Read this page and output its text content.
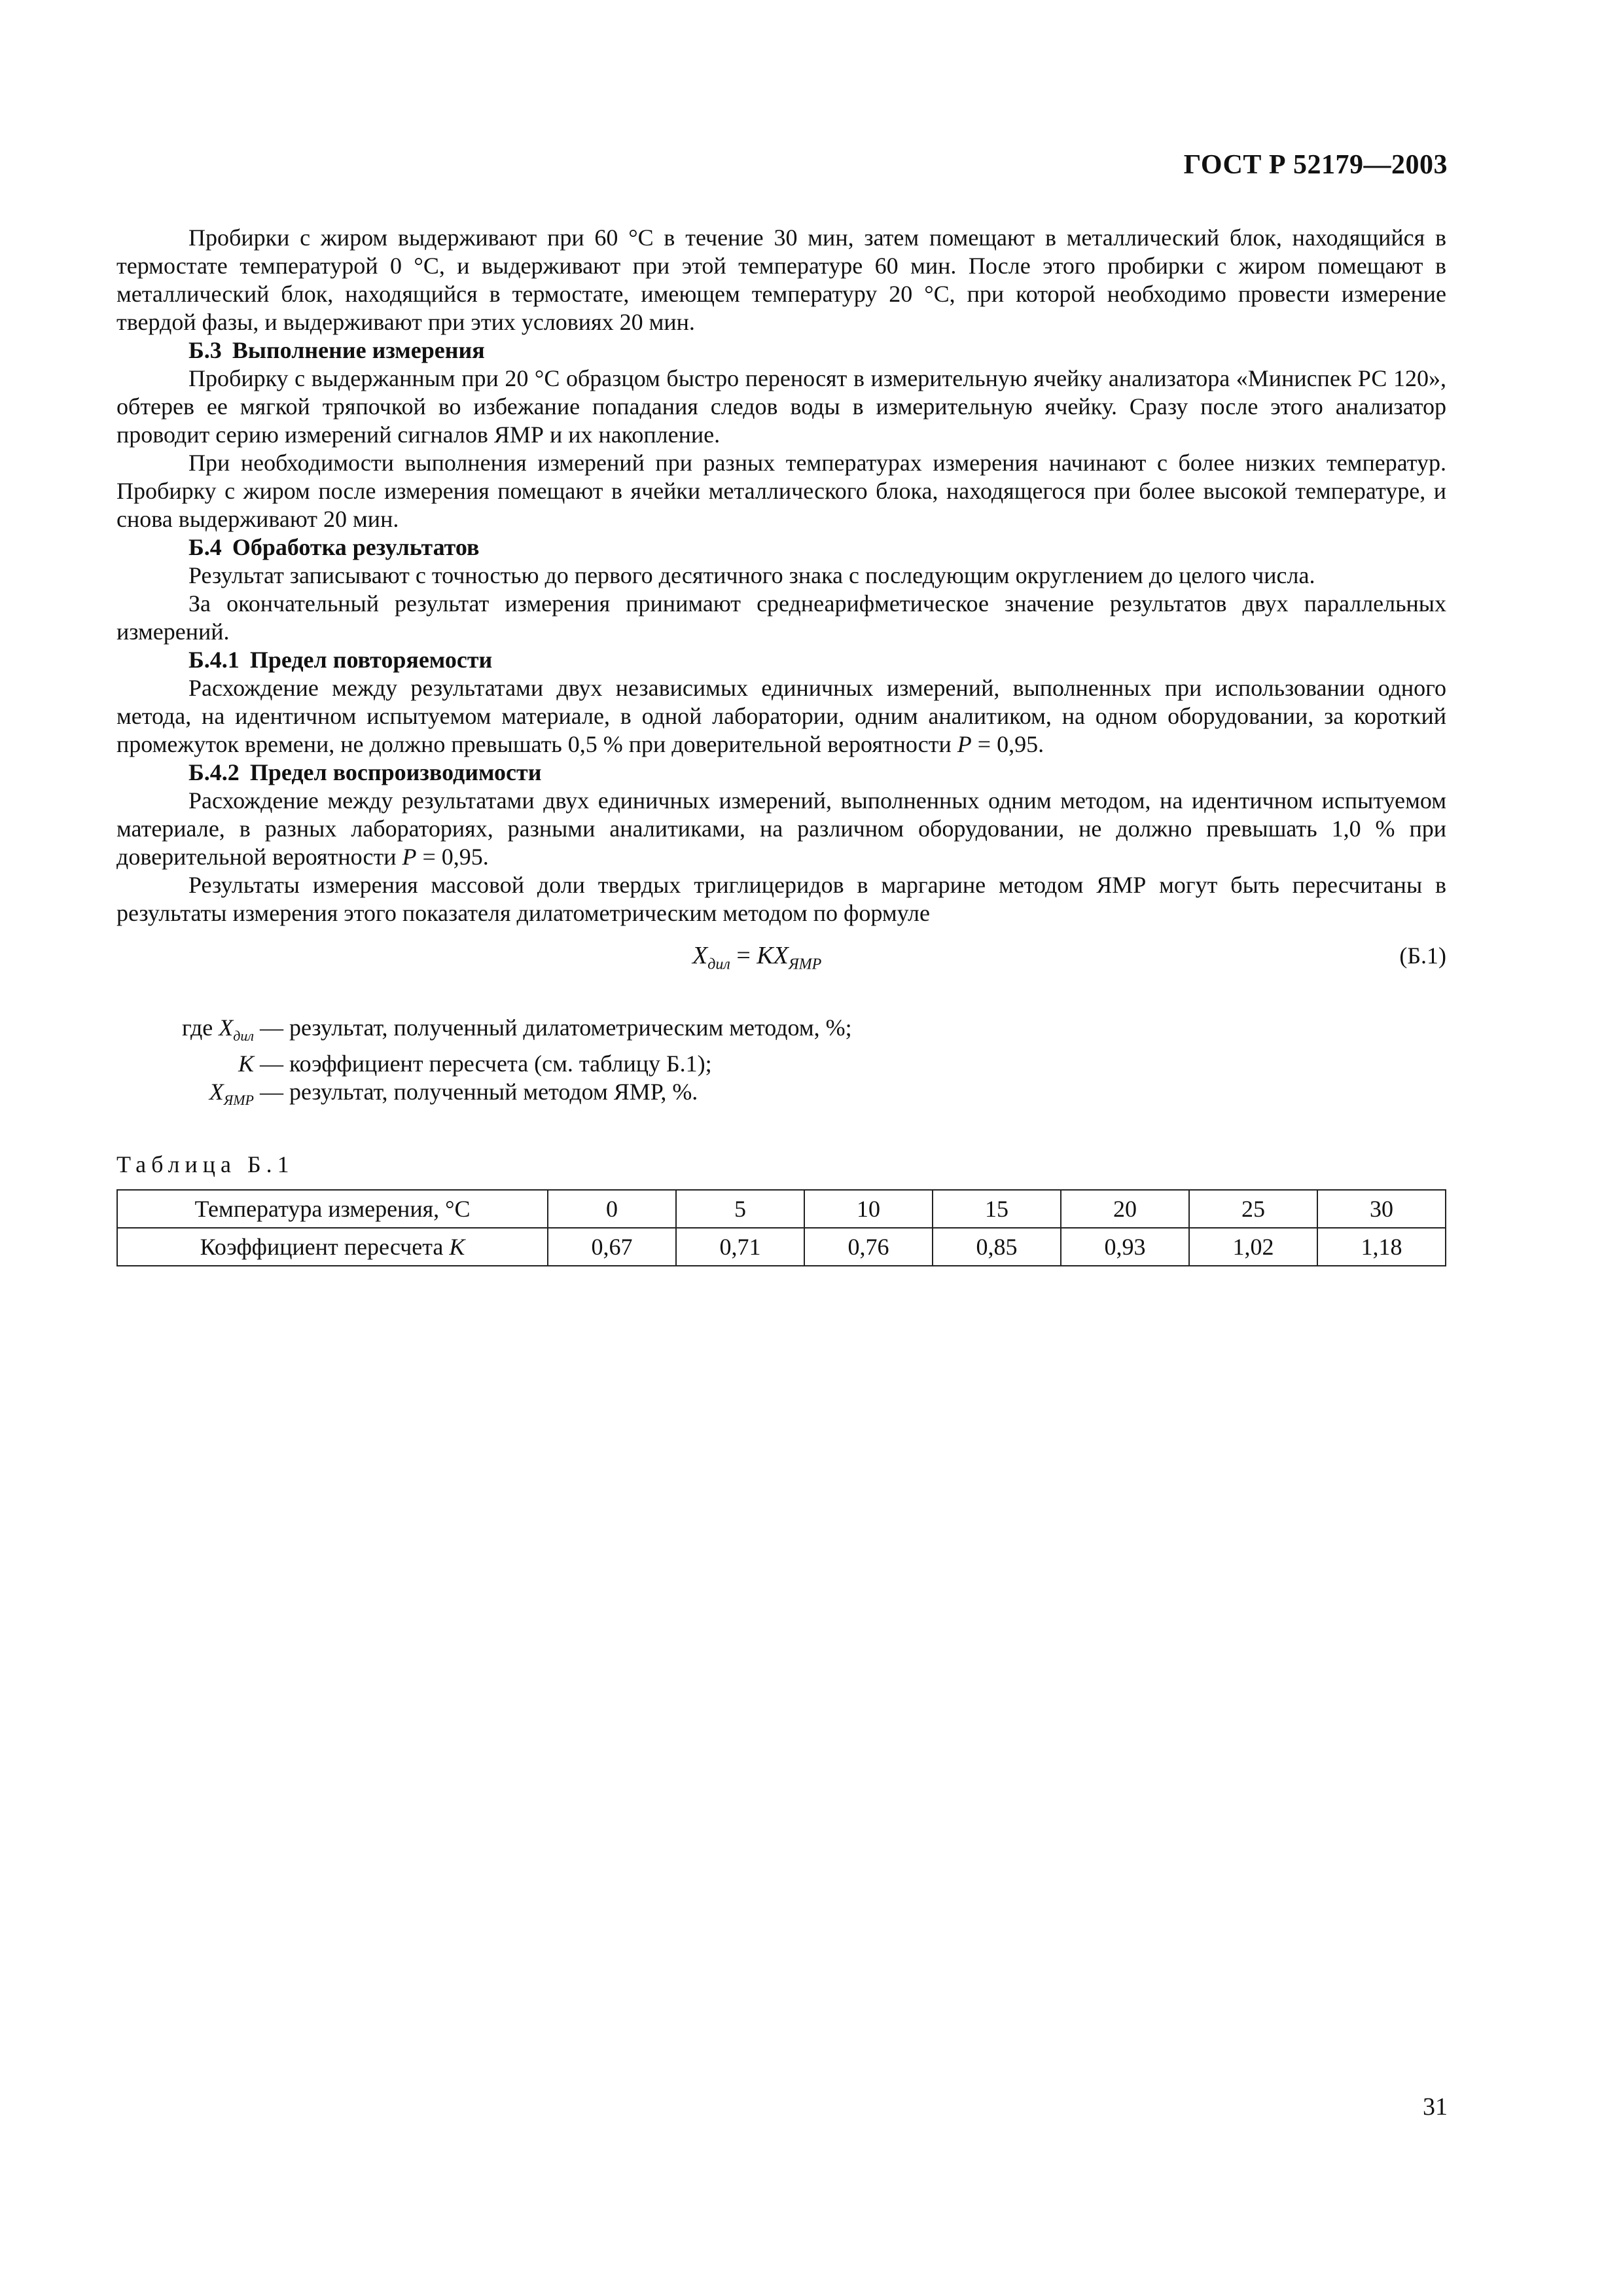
ГОСТ Р 52179—2003

Пробирки с жиром выдерживают при 60 °С в течение 30 мин, затем помещают в металлический блок, находящийся в термостате температурой 0 °С, и выдерживают при этой температуре 60 мин. После этого пробирки с жиром помещают в металлический блок, находящийся в термостате, имеющем температуру 20 °С, при которой необходимо провести измерение твердой фазы, и выдерживают при этих условиях 20 мин.

Б.3 Выполнение измерения

Пробирку с выдержанным при 20 °С образцом быстро переносят в измерительную ячейку анализатора «Миниспек РС 120», обтерев ее мягкой тряпочкой во избежание попадания следов воды в измерительную ячейку. Сразу после этого анализатор проводит серию измерений сигналов ЯМР и их накопление.

При необходимости выполнения измерений при разных температурах измерения начинают с более низких температур. Пробирку с жиром после измерения помещают в ячейки металлического блока, находящегося при более высокой температуре, и снова выдерживают 20 мин.

Б.4 Обработка результатов

Результат записывают с точностью до первого десятичного знака с последующим округлением до целого числа.

За окончательный результат измерения принимают среднеарифметическое значение результатов двух параллельных измерений.

Б.4.1 Предел повторяемости

Расхождение между результатами двух независимых единичных измерений, выполненных при использовании одного метода, на идентичном испытуемом материале, в одной лаборатории, одним аналитиком, на одном оборудовании, за короткий промежуток времени, не должно превышать 0,5 % при доверительной вероятности P = 0,95.

Б.4.2 Предел воспроизводимости

Расхождение между результатами двух единичных измерений, выполненных одним методом, на идентичном испытуемом материале, в разных лабораториях, разными аналитиками, на различном оборудовании, не должно превышать 1,0 % при доверительной вероятности P = 0,95.

Результаты измерения массовой доли твердых триглицеридов в маргарине методом ЯМР могут быть пересчитаны в результаты измерения этого показателя дилатометрическим методом по формуле

$X_{дил} = KX_{ЯМР}$	(Б.1)
где $X_{дил}$ — результат, полученный дилатометрическим методом, %;
K — коэффициент пересчета (см. таблицу Б.1);
$X_{ЯМР}$ — результат, полученный методом ЯМР, %.
Таблица Б.1
Температура измерения, °С	0	5	10	15	20	25	30
Коэффициент пересчета K	0,67	0,71	0,76	0,85	0,93	1,02	1,18
31
